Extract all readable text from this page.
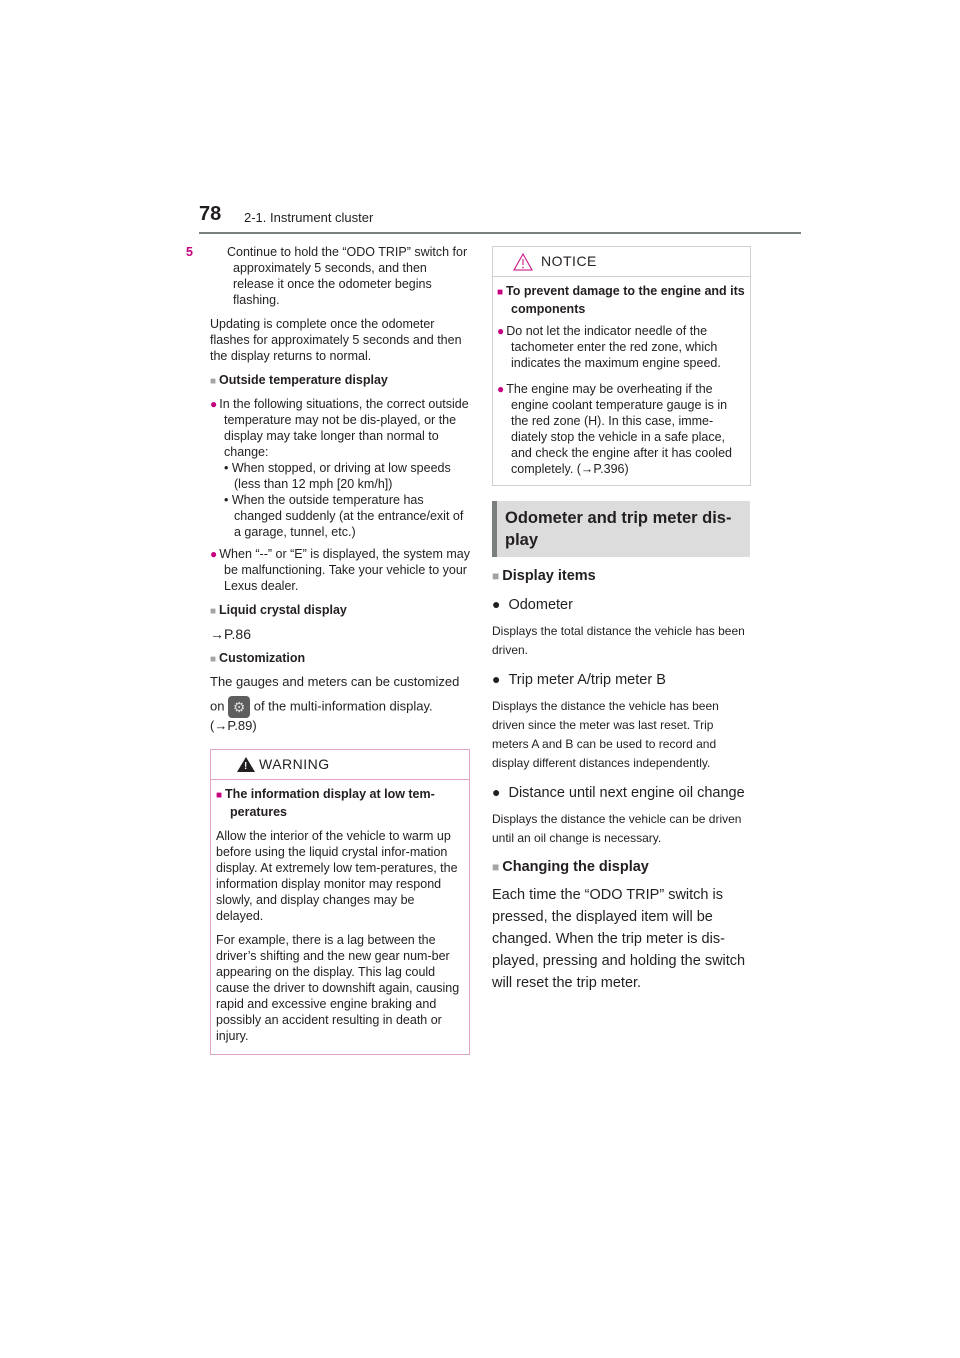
78 2-1. Instrument cluster

5	Continue to hold the “ODO TRIP” switch for approximately 5 seconds, and then release it once the odometer begins flashing.

Updating is complete once the odometer flashes for approximately 5 seconds and then the display returns to normal.

■ Outside temperature display

● In the following situations, the correct outside temperature may not be dis-played, or the display may take longer than normal to change:

• When stopped, or driving at low speeds (less than 12 mph [20 km/h])

• When the outside temperature has changed suddenly (at the entrance/exit of a garage, tunnel, etc.)

● When “--” or “E” is displayed, the system may be malfunctioning. Take your vehicle to your Lexus dealer.

■ Liquid crystal display

→P.86

■ Customization

The gauges and meters can be customized

on ⚙ of the multi-information display.

(→P.89)

! WARNING

■ The information display at low tem-peratures

Allow the interior of the vehicle to warm up before using the liquid crystal infor-mation display. At extremely low tem-peratures, the information display monitor may respond slowly, and display changes may be delayed.

For example, there is a lag between the driver’s shifting and the new gear num-ber appearing on the display. This lag could cause the driver to downshift again, causing rapid and excessive engine braking and possibly an accident resulting in death or injury.

NOTICE

■ To prevent damage to the engine and its components

● Do not let the indicator needle of the tachometer enter the red zone, which indicates the maximum engine speed.

● The engine may be overheating if the engine coolant temperature gauge is in the red zone (H). In this case, imme-diately stop the vehicle in a safe place, and check the engine after it has cooled completely. (→P.396)

Odometer and trip meter dis-play

■ Display items

● Odometer

Displays the total distance the vehicle has been driven.

● Trip meter A/trip meter B

Displays the distance the vehicle has been driven since the meter was last reset. Trip meters A and B can be used to record and display different distances independently.

● Distance until next engine oil change

Displays the distance the vehicle can be driven until an oil change is necessary.

■ Changing the display

Each time the “ODO TRIP” switch is pressed, the displayed item will be changed. When the trip meter is dis-played, pressing and holding the switch will reset the trip meter.
